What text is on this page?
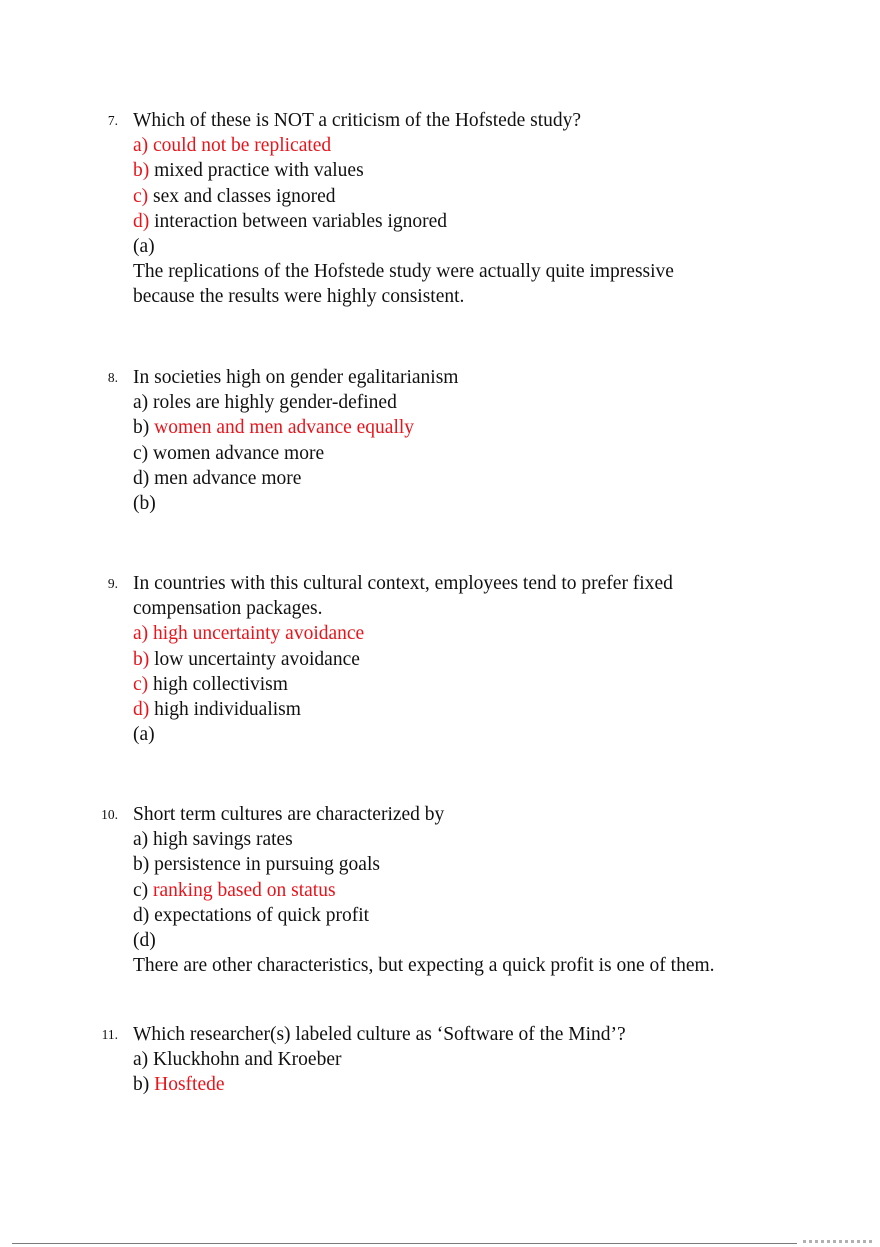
7. Which of these is NOT a criticism of the Hofstede study?
a) could not be replicated
b) mixed practice with values
c) sex and classes ignored
d) interaction between variables ignored
(a)
The replications of the Hofstede study were actually quite impressive
because the results were highly consistent.
8. In societies high on gender egalitarianism
a) roles are highly gender-defined
b) women and men advance equally
c) women advance more
d) men advance more
(b)
9. In countries with this cultural context, employees tend to prefer fixed
compensation packages.
a) high uncertainty avoidance
b) low uncertainty avoidance
c) high collectivism
d) high individualism
(a)
10. Short term cultures are characterized by
a) high savings rates
b) persistence in pursuing goals
c) ranking based on status
d) expectations of quick profit
(d)
There are other characteristics, but expecting a quick profit is one of them.
11. Which researcher(s) labeled culture as ‘Software of the Mind’?
a) Kluckhohn and Kroeber
b) Hosftede
